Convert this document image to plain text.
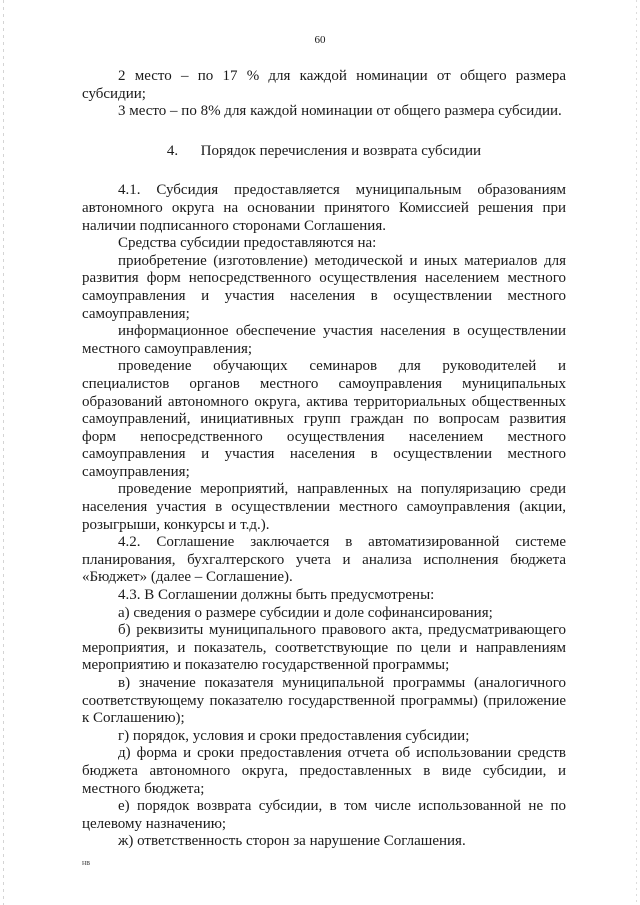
60

2 место – по 17 % для каждой номинации от общего размера субсидии;

3 место – по 8% для каждой номинации от общего размера субсидии.

4.      Порядок перечисления и возврата субсидии

4.1. Субсидия предоставляется муниципальным образованиям автономного округа на основании принятого Комиссией решения при наличии подписанного сторонами Соглашения.

Средства субсидии предоставляются на:

приобретение (изготовление) методической и иных материалов для развития форм непосредственного осуществления населением местного самоуправления и участия населения в осуществлении местного самоуправления;

информационное обеспечение участия населения в осуществлении местного самоуправления;

проведение обучающих семинаров для руководителей и специалистов органов местного самоуправления муниципальных образований автономного округа, актива территориальных общественных самоуправлений, инициативных групп граждан по вопросам развития форм непосредственного осуществления населением местного самоуправления и участия населения в осуществлении местного самоуправления;

проведение мероприятий, направленных на популяризацию среди населения участия в осуществлении местного самоуправления (акции, розыгрыши, конкурсы и т.д.).

4.2. Соглашение заключается в автоматизированной системе планирования, бухгалтерского учета и анализа исполнения бюджета «Бюджет» (далее – Соглашение).

4.3. В Соглашении должны быть предусмотрены:

а) сведения о размере субсидии и доле софинансирования;

б) реквизиты муниципального правового акта, предусматривающего мероприятия, и показатель, соответствующие по цели и направлениям мероприятию и показателю государственной программы;

в) значение показателя муниципальной программы (аналогичного соответствующему показателю государственной программы) (приложение к Соглашению);

г) порядок, условия и сроки предоставления субсидии;

д) форма и сроки предоставления отчета об использовании средств бюджета автономного округа, предоставленных в виде субсидии, и местного бюджета;

е) порядок возврата субсидии, в том числе использованной не по целевому назначению;

ж) ответственность сторон за нарушение Соглашения.

нв
